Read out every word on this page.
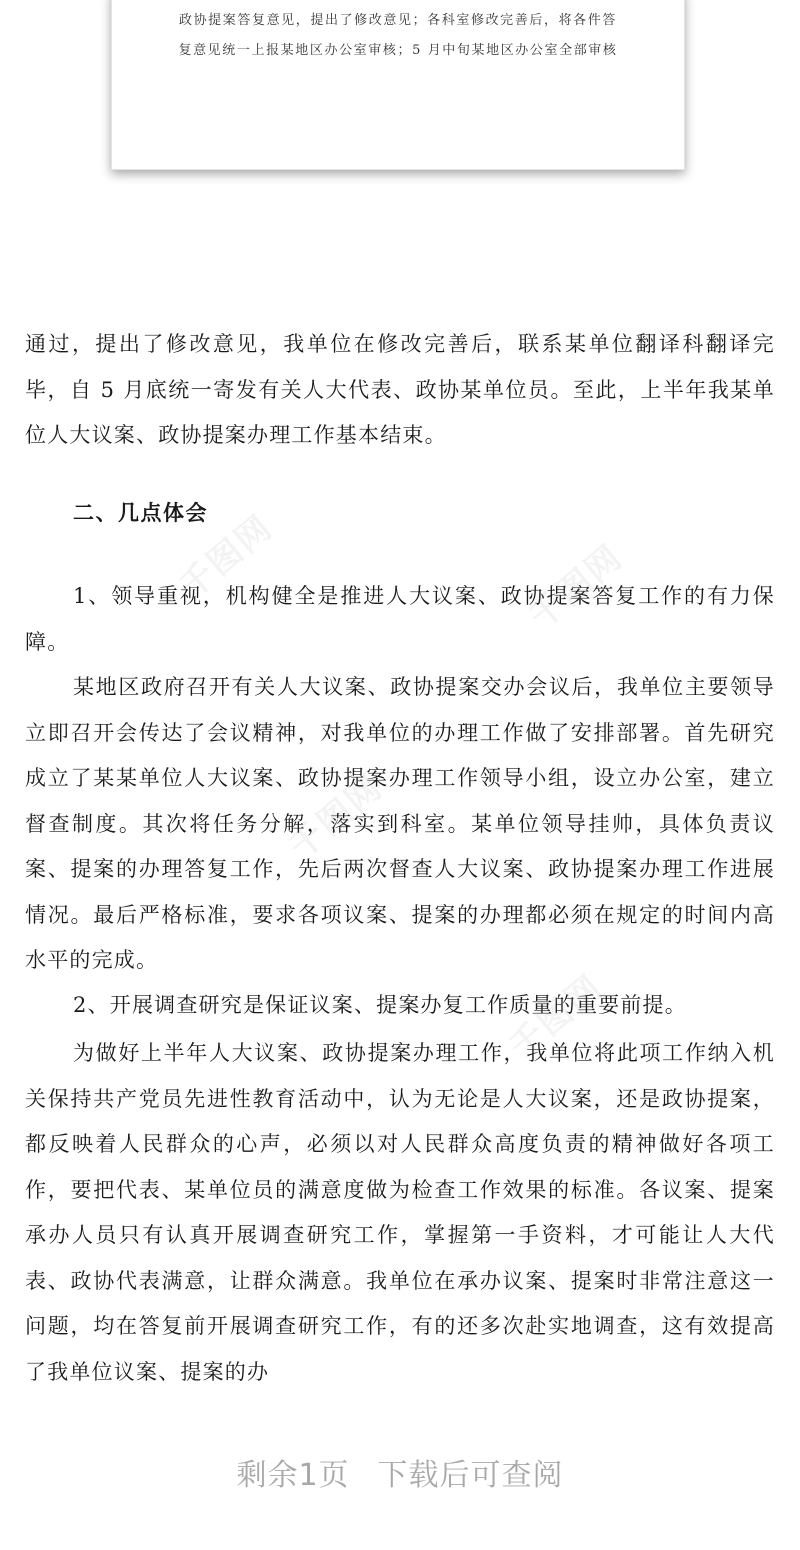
政协提案答复意见，提出了修改意见；各科室修改完善后，将各件答
复意见统一上报某地区办公室审核；5 月中旬某地区办公室全部审核

通过，提出了修改意见，我单位在修改完善后，联系某单位翻译科翻译完毕，自 5 月底统一寄发有关人大代表、政协某单位员。至此，上半年我某单位人大议案、政协提案办理工作基本结束。

二、几点体会

1、领导重视，机构健全是推进人大议案、政协提案答复工作的有力保障。

某地区政府召开有关人大议案、政协提案交办会议后，我单位主要领导立即召开会传达了会议精神，对我单位的办理工作做了安排部署。首先研究成立了某某单位人大议案、政协提案办理工作领导小组，设立办公室，建立督查制度。其次将任务分解，落实到科室。某单位领导挂帅，具体负责议案、提案的办理答复工作，先后两次督查人大议案、政协提案办理工作进展情况。最后严格标准，要求各项议案、提案的办理都必须在规定的时间内高水平的完成。

2、开展调查研究是保证议案、提案办复工作质量的重要前提。

为做好上半年人大议案、政协提案办理工作，我单位将此项工作纳入机关保持共产党员先进性教育活动中，认为无论是人大议案，还是政协提案，都反映着人民群众的心声，必须以对人民群众高度负责的精神做好各项工作，要把代表、某单位员的满意度做为检查工作效果的标准。各议案、提案承办人员只有认真开展调查研究工作，掌握第一手资料，才可能让人大代表、政协代表满意，让群众满意。我单位在承办议案、提案时非常注意这一问题，均在答复前开展调查研究工作，有的还多次赴实地调查，这有效提高了我单位议案、提案的办

千图网	千图网
千图网
千图网
剩余1页 下载后可查阅
